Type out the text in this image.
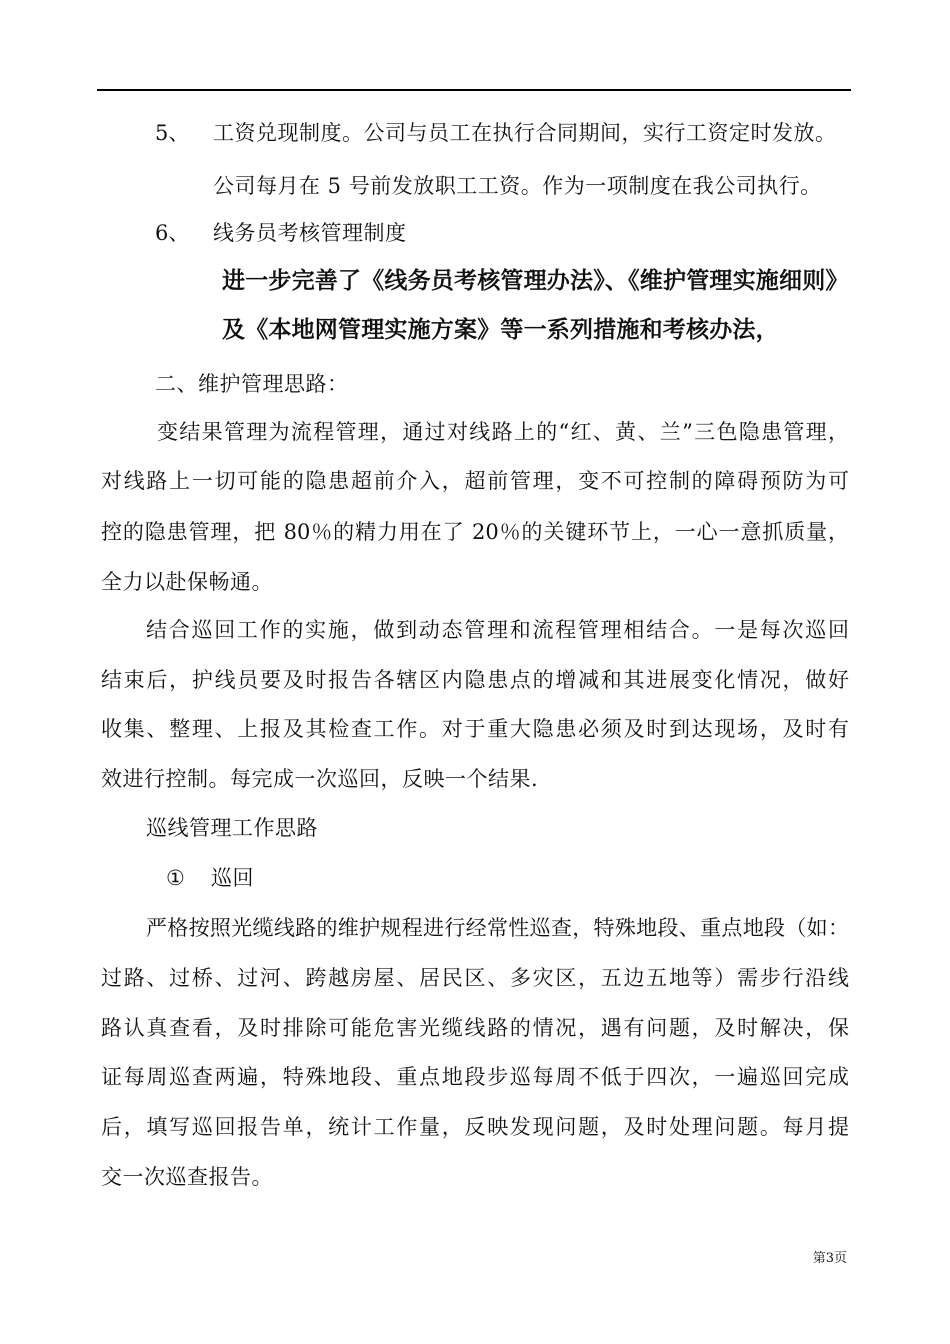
5、 工资兑现制度。公司与员工在执行合同期间，实行工资定时发放。
公司每月在 5 号前发放职工工资。作为一项制度在我公司执行。
6、 线务员考核管理制度
进一步完善了《线务员考核管理办法》、《维护管理实施细则》
及《本地网管理实施方案》等一系列措施和考核办法，
二、维护管理思路：
变结果管理为流程管理，通过对线路上的“红、黄、兰”三色隐患管理，
对线路上一切可能的隐患超前介入，超前管理，变不可控制的障碍预防为可
控的隐患管理，把 80％的精力用在了 20％的关键环节上，一心一意抓质量，
全力以赴保畅通。
结合巡回工作的实施，做到动态管理和流程管理相结合。一是每次巡回
结束后，护线员要及时报告各辖区内隐患点的增减和其进展变化情况，做好
收集、整理、上报及其检查工作。对于重大隐患必须及时到达现场，及时有
效进行控制。每完成一次巡回，反映一个结果.
巡线管理工作思路
① 巡回
严格按照光缆线路的维护规程进行经常性巡查，特殊地段、重点地段（如：
过路、过桥、过河、跨越房屋、居民区、多灾区，五边五地等）需步行沿线
路认真查看，及时排除可能危害光缆线路的情况，遇有问题，及时解决，保
证每周巡查两遍，特殊地段、重点地段步巡每周不低于四次，一遍巡回完成
后，填写巡回报告单，统计工作量，反映发现问题，及时处理问题。每月提
交一次巡查报告。
第3页
